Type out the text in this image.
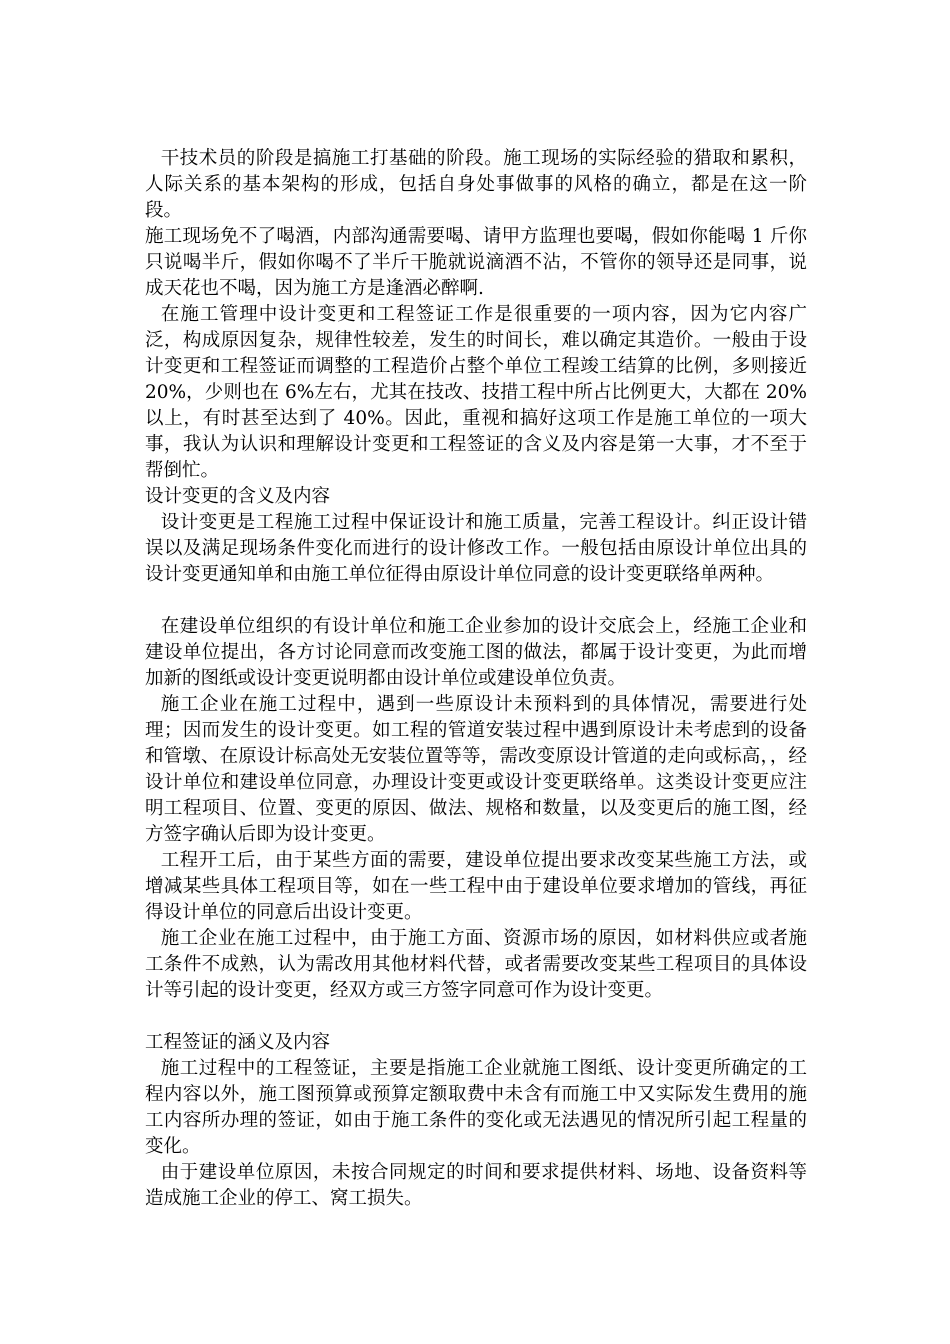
干技术员的阶段是搞施工打基础的阶段。施工现场的实际经验的猎取和累积，人际关系的基本架构的形成，包括自身处事做事的风格的确立，都是在这一阶段。

施工现场免不了喝酒，内部沟通需要喝、请甲方监理也要喝，假如你能喝 1 斤你只说喝半斤，假如你喝不了半斤干脆就说滴酒不沾，不管你的领导还是同事，说成天花也不喝，因为施工方是逢酒必醉啊.

在施工管理中设计变更和工程签证工作是很重要的一项内容，因为它内容广泛，构成原因复杂，规律性较差，发生的时间长，难以确定其造价。一般由于设计变更和工程签证而调整的工程造价占整个单位工程竣工结算的比例，多则接近 20%，少则也在 6%左右，尤其在技改、技措工程中所占比例更大，大都在 20%以上，有时甚至达到了 40%。因此，重视和搞好这项工作是施工单位的一项大事，我认为认识和理解设计变更和工程签证的含义及内容是第一大事，才不至于帮倒忙。

设计变更的含义及内容

设计变更是工程施工过程中保证设计和施工质量，完善工程设计。纠正设计错误以及满足现场条件变化而进行的设计修改工作。一般包括由原设计单位出具的设计变更通知单和由施工单位征得由原设计单位同意的设计变更联络单两种。

在建设单位组织的有设计单位和施工企业参加的设计交底会上，经施工企业和建设单位提出，各方讨论同意而改变施工图的做法，都属于设计变更，为此而增加新的图纸或设计变更说明都由设计单位或建设单位负责。

施工企业在施工过程中，遇到一些原设计未预料到的具体情况，需要进行处理；因而发生的设计变更。如工程的管道安装过程中遇到原设计未考虑到的设备和管墩、在原设计标高处无安装位置等等，需改变原设计管道的走向或标高，，经设计单位和建设单位同意，办理设计变更或设计变更联络单。这类设计变更应注明工程项目、位置、变更的原因、做法、规格和数量，以及变更后的施工图，经 方签字确认后即为设计变更。

工程开工后，由于某些方面的需要，建设单位提出要求改变某些施工方法，或增减某些具体工程项目等，如在一些工程中由于建设单位要求增加的管线，再征得设计单位的同意后出设计变更。

施工企业在施工过程中，由于施工方面、资源市场的原因，如材料供应或者施工条件不成熟，认为需改用其他材料代替，或者需要改变某些工程项目的具体设计等引起的设计变更，经双方或三方签字同意可作为设计变更。

工程签证的涵义及内容

施工过程中的工程签证，主要是指施工企业就施工图纸、设计变更所确定的工程内容以外，施工图预算或预算定额取费中未含有而施工中又实际发生费用的施工内容所办理的签证，如由于施工条件的变化或无法遇见的情况所引起工程量的变化。

由于建设单位原因，未按合同规定的时间和要求提供材料、场地、设备资料等造成施工企业的停工、窝工损失。
